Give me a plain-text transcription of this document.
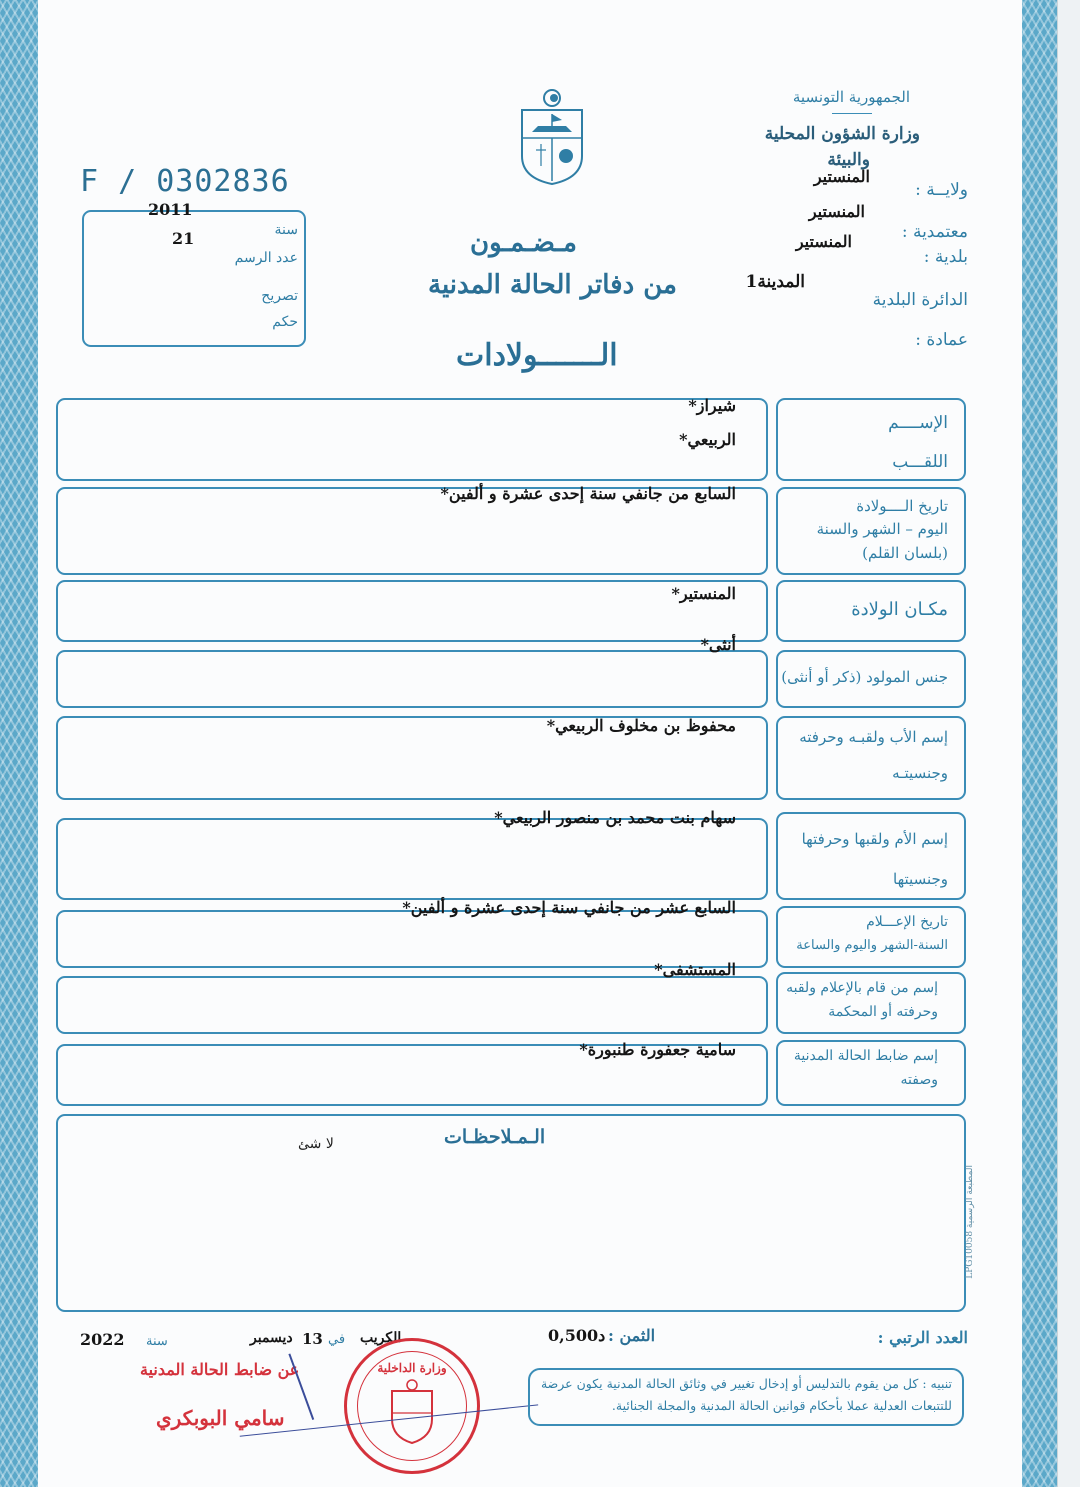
الجمهورية التونسية
وزارة الشؤون المحلية
والبيئة
ولايــة :
المنستير
معتمدية :
المنستير
بلدية :
المنستير
الدائرة البلدية
المدينة1
عمادة :
F / 0302836
2011
سنة
21
عدد الرسم
تصريح
حكم
مـضـمـون
من دفاتر الحالة المدنية
الـــــــولادات
الإســــم
اللقـــب
شيراز*
الربيعي*
تاريخ الــــولادة
اليوم – الشهر والسنة
(بلسان القلم)
السابع من جانفي سنة إحدى عشرة و ألفين*
مكـان الولادة
المنستير*
جنس المولود (ذكر أو أنثى)
أنثى*
إسم الأب ولقبـه وحرفته
وجنسيتـه
محفوظ بن مخلوف الربيعي*
إسم الأم ولقبها وحرفتها
وجنسيتها
سهام بنت محمد بن منصور الربيعي*
تاريخ الإعـــلام
السنة-الشهر واليوم والساعة
السابع عشر من جانفي سنة إحدى عشرة و ألفين*
إسم من قام بالإعلام ولقبه
وحرفته أو المحكمة
المستشفى*
إسم ضابط الحالة المدنية
وصفته
سامية جعفورة طنبورة*
الـمـلاحظـات
لا شئ
المطبعة الرسمية LPG10058
العدد الرتبي :
الثمن :
0,500د
الكريب
في
13
ديسمبر
سنة
2022
عن ضابط الحالة المدنية
سامي البوبكري
وزارة الداخلية
تنبيه : كل من يقوم بالتدليس أو إدخال تغيير في وثائق الحالة المدنية يكون عرضة
للتتبعات العدلية عملا بأحكام قوانين الحالة المدنية والمجلة الجنائية.
